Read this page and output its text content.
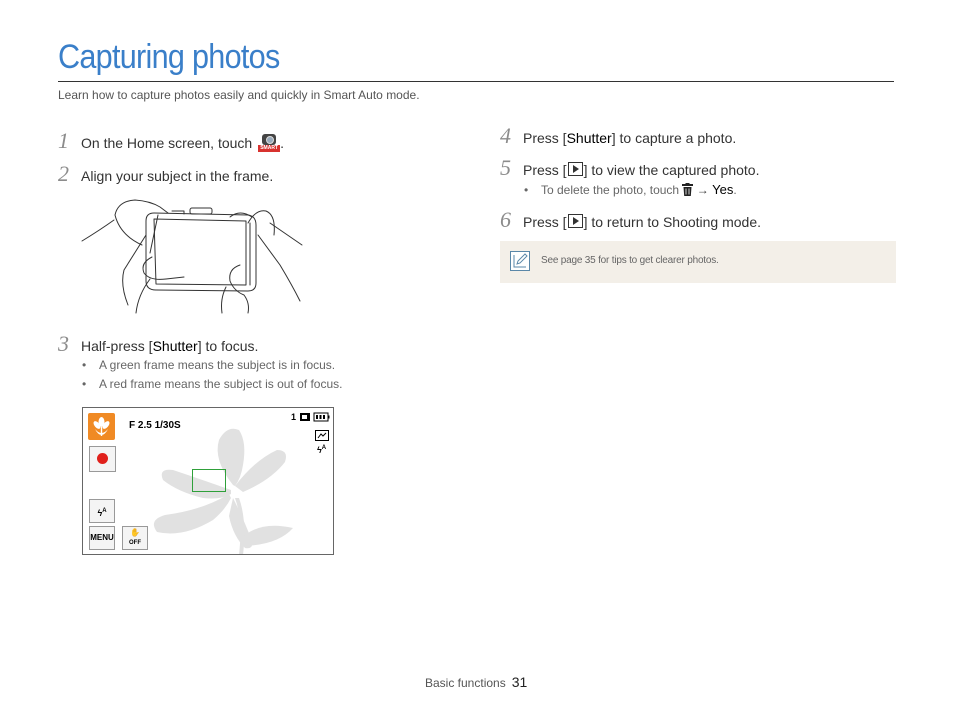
Capturing photos
Learn how to capture photos easily and quickly in Smart Auto mode.
1 On the Home screen, touch	SMART .
2 Align your subject in the frame.
3 Half-press [Shutter] to focus.
• A green frame means the subject is in focus.
• A red frame means the subject is out of focus.
F 2.5 1/30S
1
$ϟ^A$
$ϟ^A$
MENU
✋
OFF
4 Press [Shutter] to capture a photo.
5 Press [ ] to view the captured photo.
• To delete the photo, touch → Yes.
6 Press [ ] to return to Shooting mode.
See page 35 for tips to get clearer photos.
Basic functions 31
